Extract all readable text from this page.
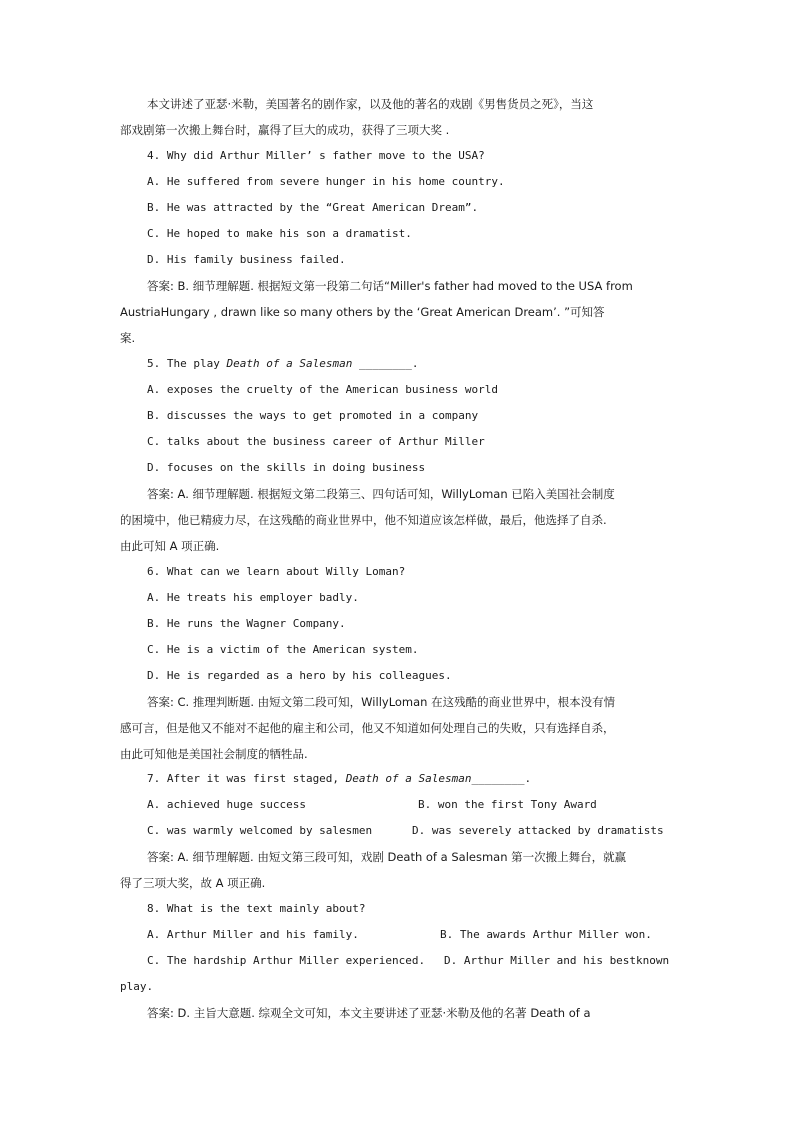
本文讲述了亚瑟·米勒，美国著名的剧作家，以及他的著名的戏剧《男售货员之死》，当这
部戏剧第一次搬上舞台时，赢得了巨大的成功，获得了三项大奖 .
4. Why did Arthur Miller’ s father move to the USA?
A. He suffered from severe hunger in his home country.
B. He was attracted by the “Great American Dream”.
C. He hoped to make his son a dramatist.
D. His family business failed.
答案: B. 细节理解题. 根据短文第一段第二句话“Miller's father had moved to the USA from
AustriaHungary , drawn like so many others by the ‘Great American Dream’. ”可知答
案.
5. The play Death of a Salesman ________.
A. exposes the cruelty of the American business world
B. discusses the ways to get promoted in a company
C. talks about the business career of Arthur Miller
D. focuses on the skills in doing business
答案: A. 细节理解题. 根据短文第二段第三、四句话可知，WillyLoman 已陷入美国社会制度
的困境中，他已精疲力尽，在这残酷的商业世界中，他不知道应该怎样做，最后，他选择了自杀.
由此可知 A 项正确.
6. What can we learn about Willy Loman?
A. He treats his employer badly.
B. He runs the Wagner Company.
C. He is a victim of the American system.
D. He is regarded as a hero by his colleagues.
答案: C. 推理判断题. 由短文第二段可知，WillyLoman 在这残酷的商业世界中，根本没有情
感可言，但是他又不能对不起他的雇主和公司，他又不知道如何处理自己的失败，只有选择自杀，
由此可知他是美国社会制度的牺牲品.
7. After it was first staged, Death of a Salesman________.
A. achieved huge success	B. won the first Tony Award
C. was warmly welcomed by salesmen	D. was severely attacked by dramatists
答案: A. 细节理解题. 由短文第三段可知，戏剧 Death of a Salesman 第一次搬上舞台，就赢
得了三项大奖，故 A 项正确.
8. What is the text mainly about?
A. Arthur Miller and his family.	B. The awards Arthur Miller won.
C. The hardship Arthur Miller experienced. D. Arthur Miller and his bestknown
play.
答案: D. 主旨大意题. 综观全文可知，本文主要讲述了亚瑟·米勒及他的名著 Death of a
